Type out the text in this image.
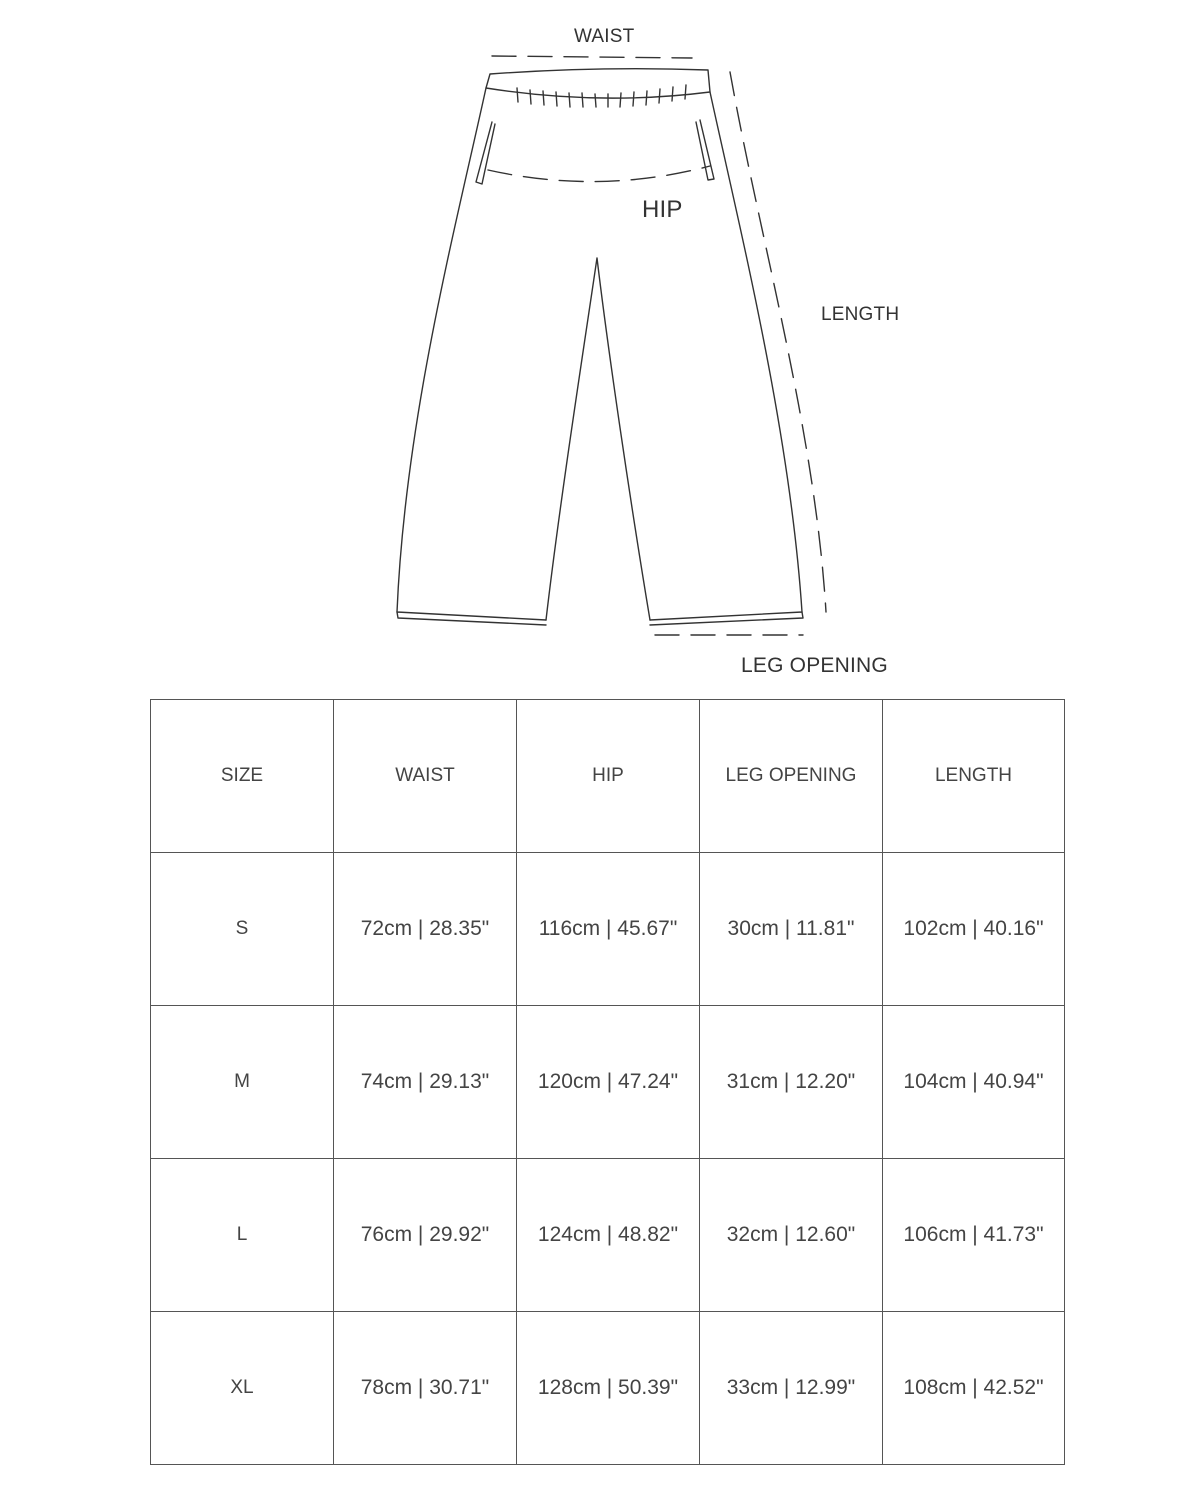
WAIST
HIP
LENGTH
LEG OPENING
SIZE	WAIST	HIP	LEG OPENING	LENGTH
S	72cm | 28.35"	116cm | 45.67"	30cm | 11.81"	102cm | 40.16"
M	74cm | 29.13"	120cm | 47.24"	31cm | 12.20"	104cm | 40.94"
L	76cm | 29.92"	124cm | 48.82"	32cm | 12.60"	106cm | 41.73"
XL	78cm | 30.71"	128cm | 50.39"	33cm | 12.99"	108cm | 42.52"
